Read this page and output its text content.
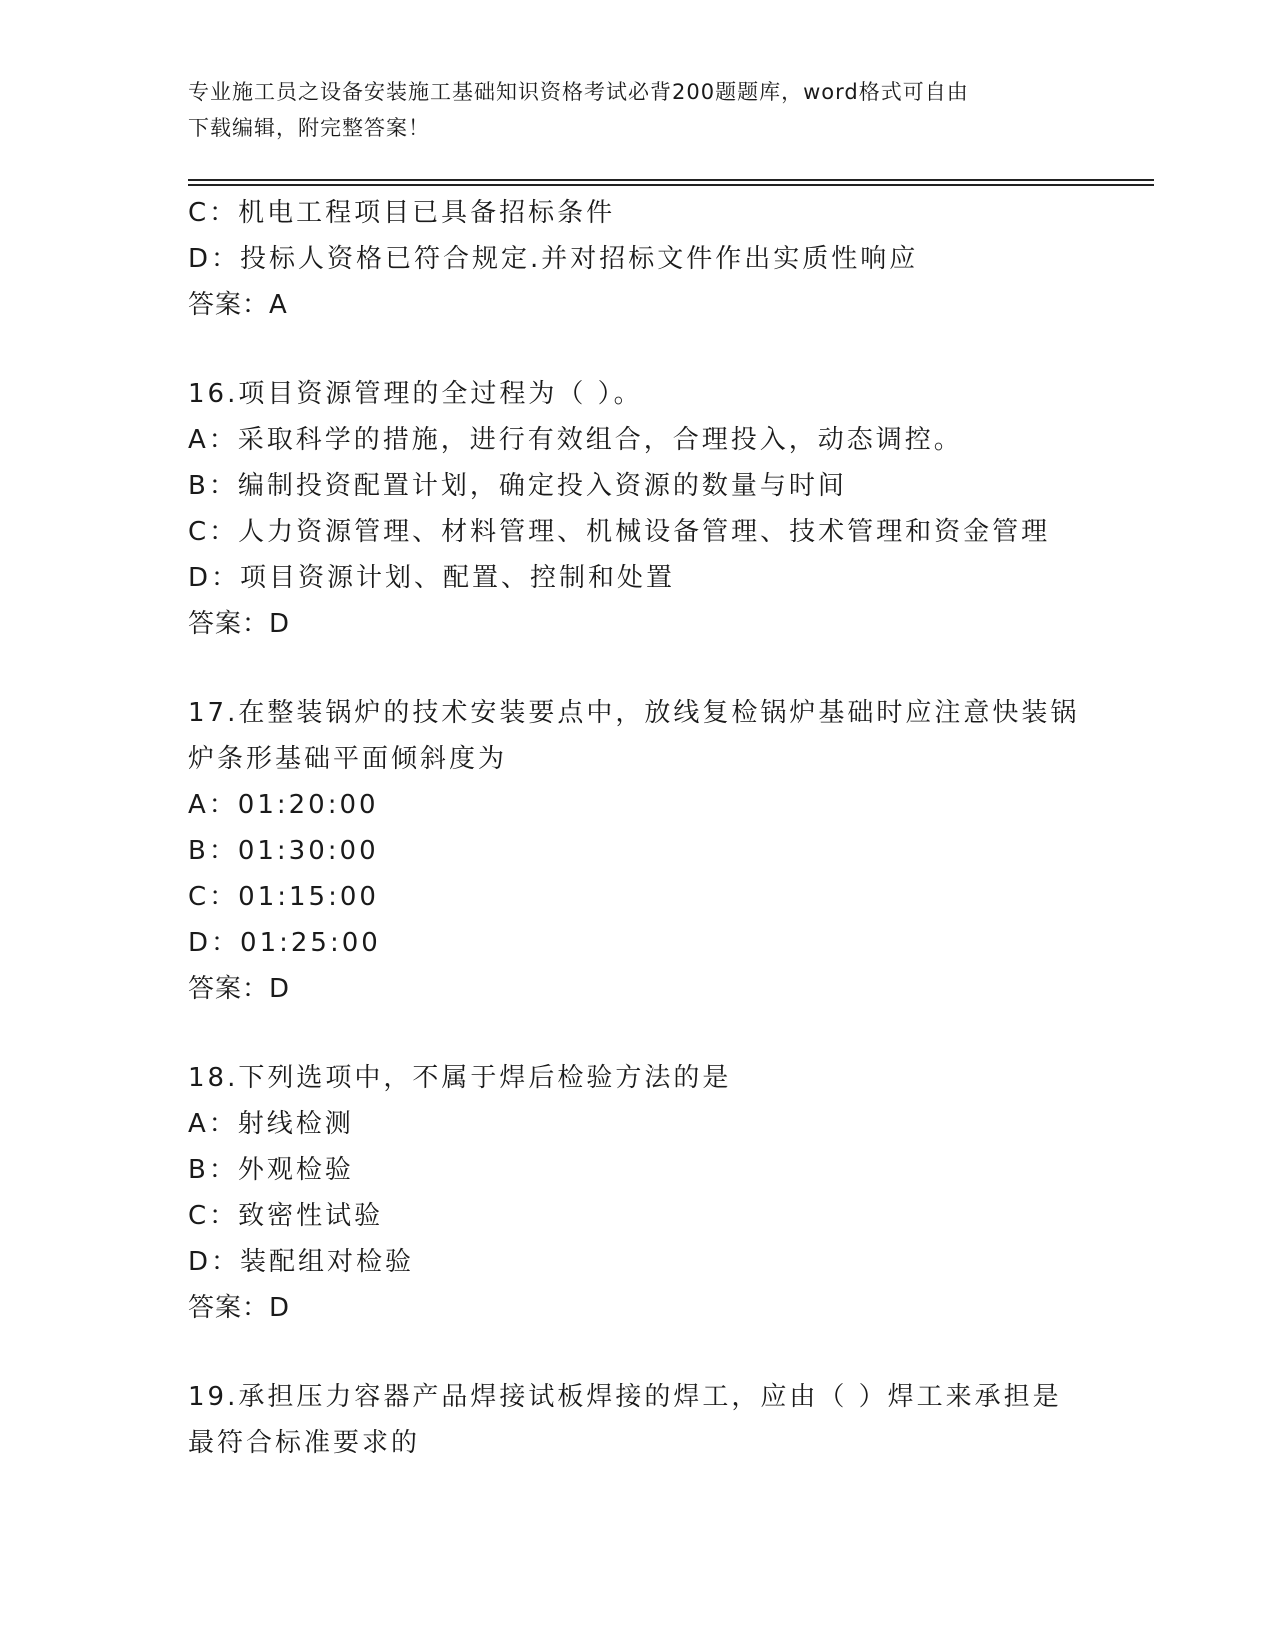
专业施工员之设备安装施工基础知识资格考试必背200题题库，word格式可自由
下载编辑，附完整答案！
C：机电工程项目已具备招标条件
D：投标人资格已符合规定.并对招标文件作出实质性响应
答案：A
16.项目资源管理的全过程为（ ）。
A：采取科学的措施，进行有效组合，合理投入，动态调控。
B：编制投资配置计划，确定投入资源的数量与时间
C：人力资源管理、材料管理、机械设备管理、技术管理和资金管理
D：项目资源计划、配置、控制和处置
答案：D
17.在整装锅炉的技术安装要点中，放线复检锅炉基础时应注意快装锅
炉条形基础平面倾斜度为
A：01:20:00
B：01:30:00
C：01:15:00
D：01:25:00
答案：D
18.下列选项中，不属于焊后检验方法的是
A：射线检测
B：外观检验
C：致密性试验
D：装配组对检验
答案：D
19.承担压力容器产品焊接试板焊接的焊工，应由（ ）焊工来承担是
最符合标准要求的
